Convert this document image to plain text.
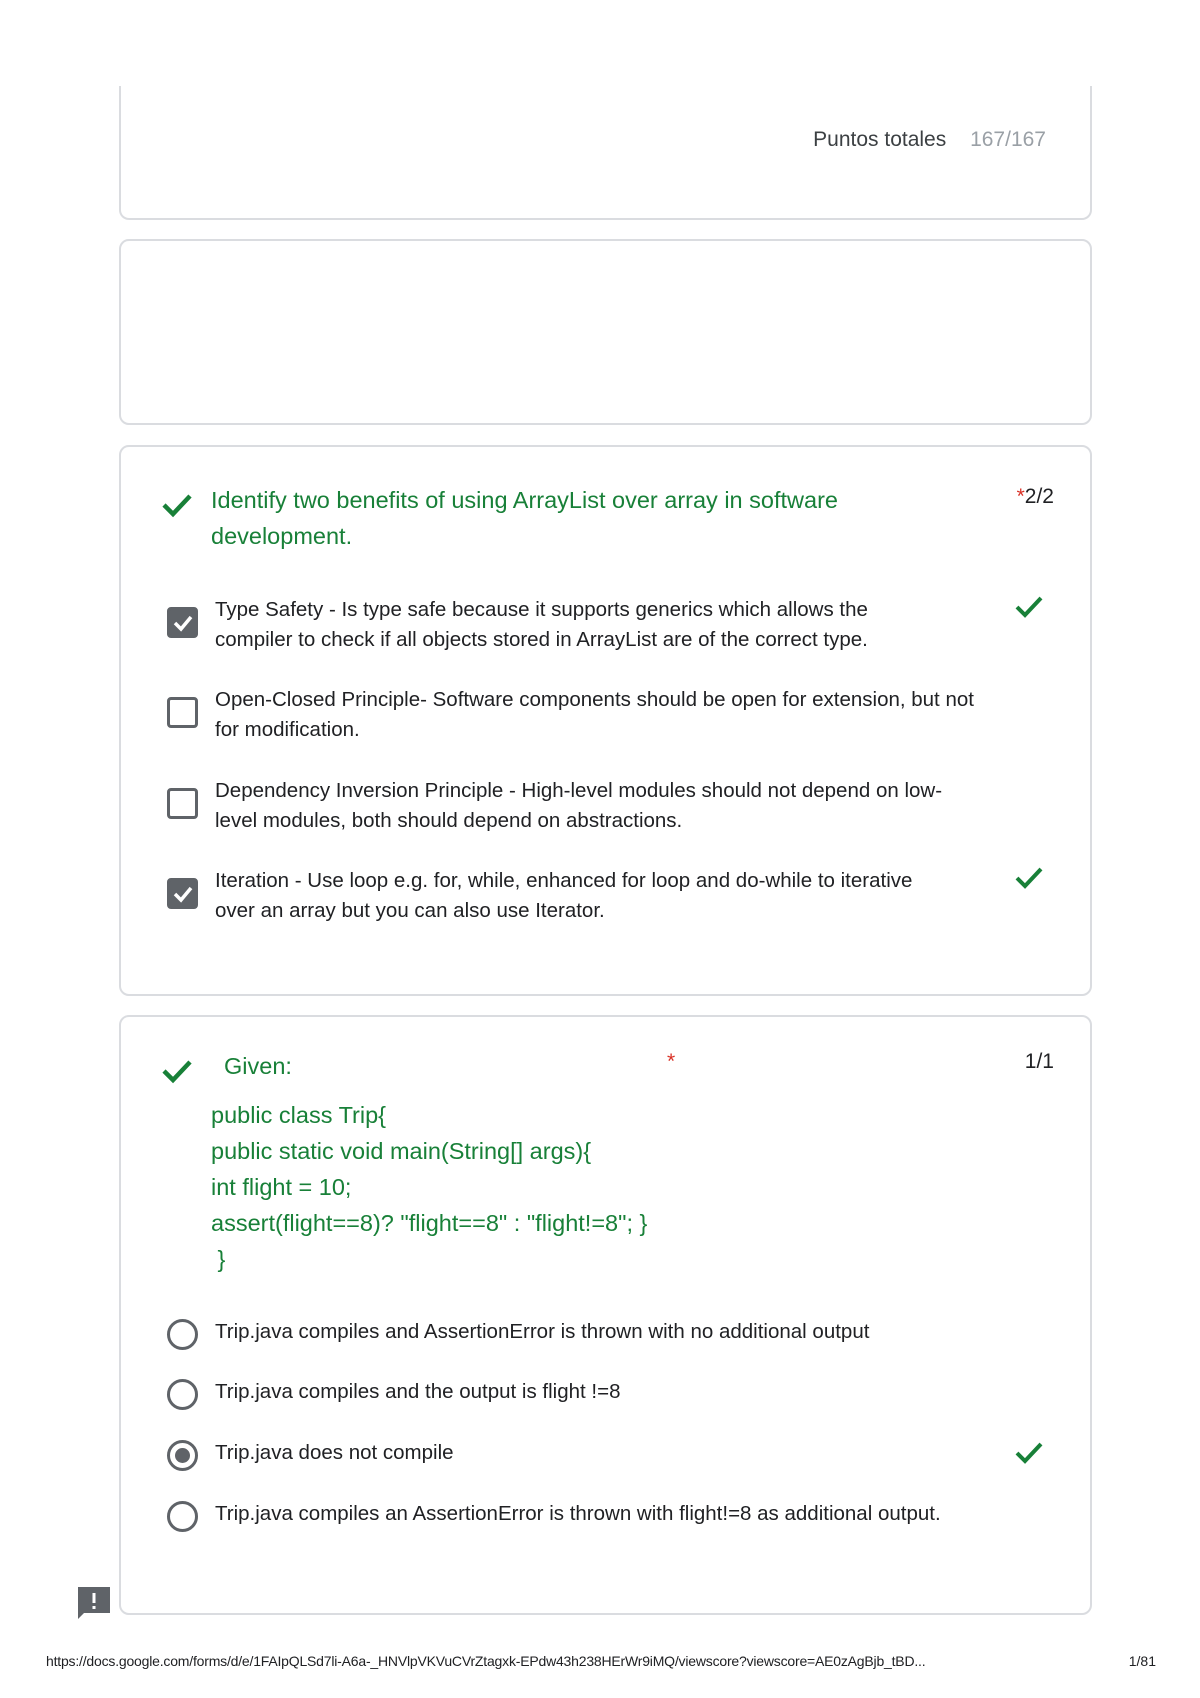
Puntos totales 167/167
Identify two benefits of using ArrayList over array in software
development.
*2/2
Type Safety - Is type safe because it supports generics which allows the
compiler to check if all objects stored in ArrayList are of the correct type.
Open-Closed Principle- Software components should be open for extension, but not
for modification.
Dependency Inversion Principle - High-level modules should not depend on low-
level modules, both should depend on abstractions.
Iteration - Use loop e.g. for, while, enhanced for loop and do-while to iterative
over an array but you can also use Iterator.
Given:	*	1/1
public class Trip{
public static void main(String[] args){
int flight = 10;
assert(flight==8)? "flight==8" : "flight!=8"; }
}
Trip.java compiles and AssertionError is thrown with no additional output
Trip.java compiles and the output is flight !=8
Trip.java does not compile
Trip.java compiles an AssertionError is thrown with flight!=8 as additional output.
https://docs.google.com/forms/d/e/1FAIpQLSd7li-A6a-_HNVlpVKVuCVrZtagxk-EPdw43h238HErWr9iMQ/viewscore?viewscore=AE0zAgBjb_tBD...	1/81
